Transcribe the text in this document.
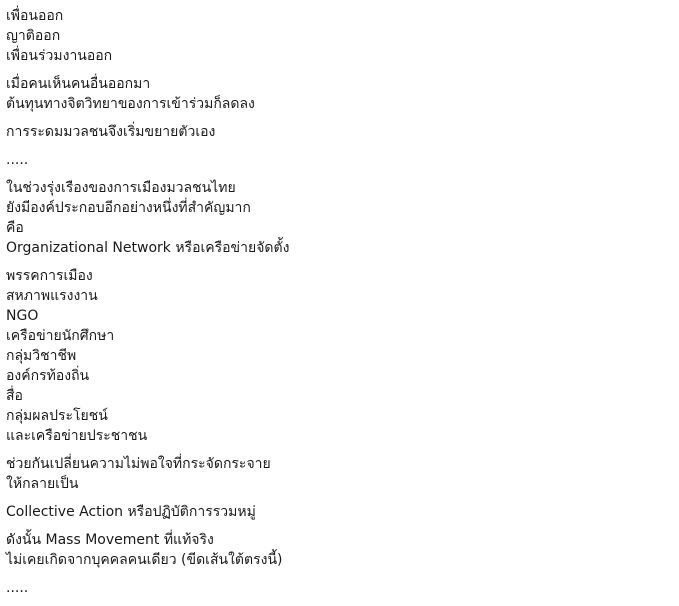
เพื่อนออก
ญาติออก
เพื่อนร่วมงานออก
เมื่อคนเห็นคนอื่นออกมา
ต้นทุนทางจิตวิทยาของการเข้าร่วมก็ลดลง
การระดมมวลชนจึงเริ่มขยายตัวเอง
.....
ในช่วงรุ่งเรืองของการเมืองมวลชนไทย
ยังมีองค์ประกอบอีกอย่างหนึ่งที่สำคัญมาก
คือ
Organizational Network หรือเครือข่ายจัดตั้ง
พรรคการเมือง
สหภาพแรงงาน
NGO
เครือข่ายนักศึกษา
กลุ่มวิชาชีพ
องค์กรท้องถิ่น
สื่อ
กลุ่มผลประโยชน์
และเครือข่ายประชาชน
ช่วยกันเปลี่ยนความไม่พอใจที่กระจัดกระจาย
ให้กลายเป็น
Collective Action หรือปฏิบัติการรวมหมู่
ดังนั้น Mass Movement ที่แท้จริง
ไม่เคยเกิดจากบุคคลคนเดียว (ขีดเส้นใต้ตรงนี้)
.....
